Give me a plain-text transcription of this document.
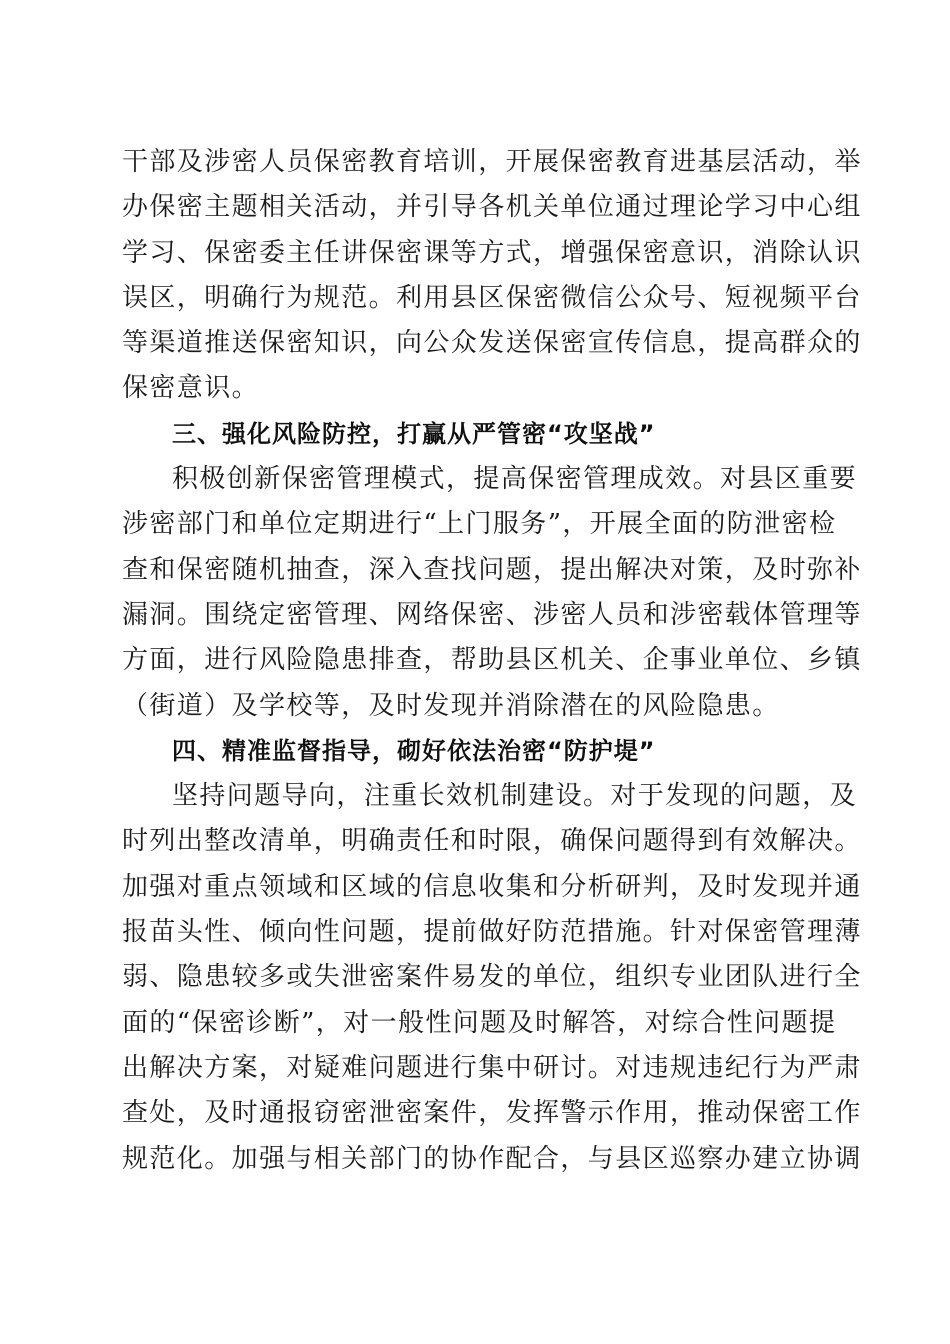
干部及涉密人员保密教育培训，开展保密教育进基层活动，举
办保密主题相关活动，并引导各机关单位通过理论学习中心组
学习、保密委主任讲保密课等方式，增强保密意识，消除认识
误区，明确行为规范。利用县区保密微信公众号、短视频平台
等渠道推送保密知识，向公众发送保密宣传信息，提高群众的
保密意识。
三、强化风险防控，打赢从严管密“攻坚战”
积极创新保密管理模式，提高保密管理成效。对县区重要
涉密部门和单位定期进行“上门服务”，开展全面的防泄密检
查和保密随机抽查，深入查找问题，提出解决对策，及时弥补
漏洞。围绕定密管理、网络保密、涉密人员和涉密载体管理等
方面，进行风险隐患排查，帮助县区机关、企事业单位、乡镇
（街道）及学校等，及时发现并消除潜在的风险隐患。
四、精准监督指导，砌好依法治密“防护堤”
坚持问题导向，注重长效机制建设。对于发现的问题，及
时列出整改清单，明确责任和时限，确保问题得到有效解决。
加强对重点领域和区域的信息收集和分析研判，及时发现并通
报苗头性、倾向性问题，提前做好防范措施。针对保密管理薄
弱、隐患较多或失泄密案件易发的单位，组织专业团队进行全
面的“保密诊断”，对一般性问题及时解答，对综合性问题提
出解决方案，对疑难问题进行集中研讨。对违规违纪行为严肃
查处，及时通报窃密泄密案件，发挥警示作用，推动保密工作
规范化。加强与相关部门的协作配合，与县区巡察办建立协调
